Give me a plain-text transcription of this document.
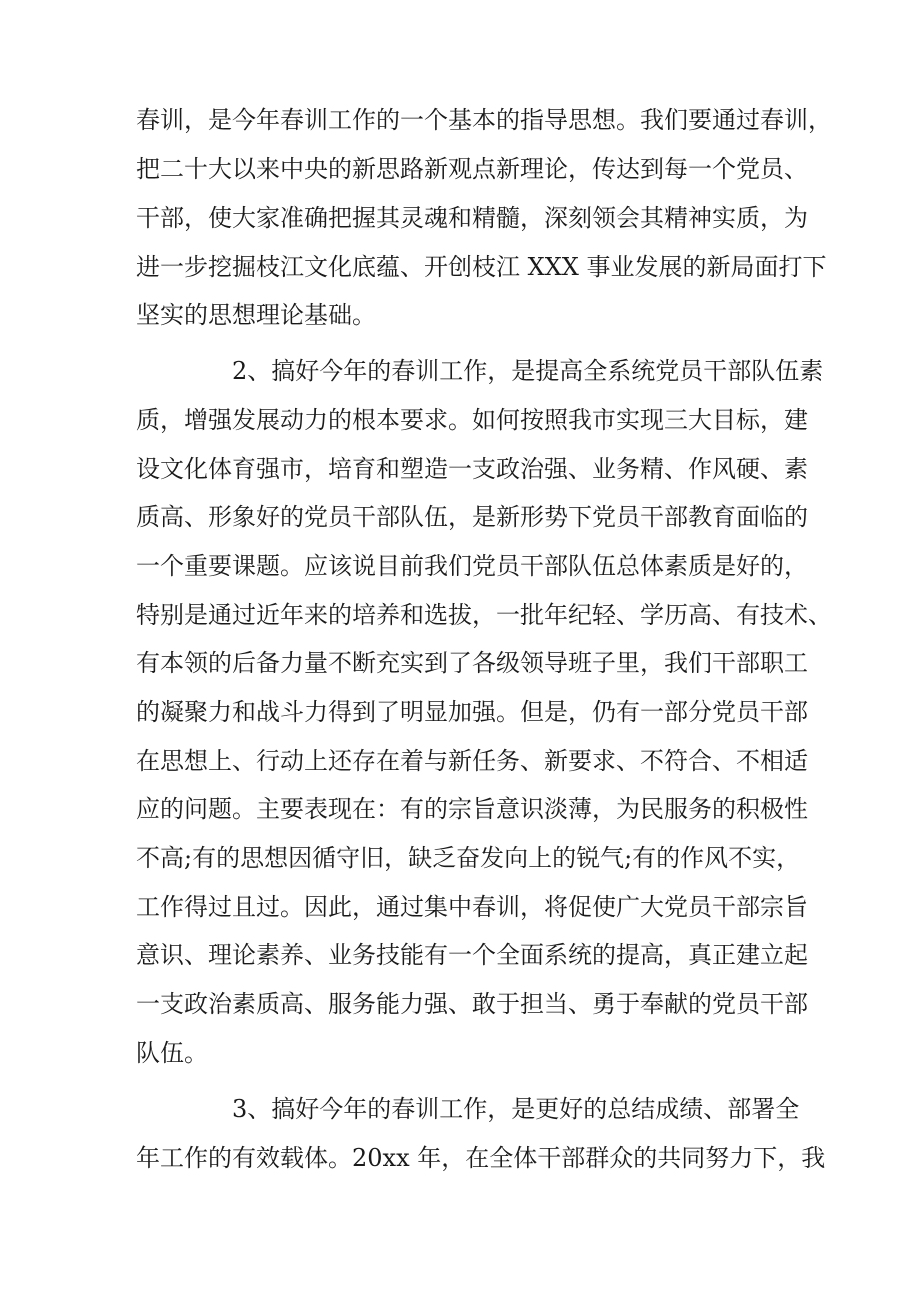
春训，是今年春训工作的一个基本的指导思想。我们要通过春训，
把二十大以来中央的新思路新观点新理论，传达到每一个党员、
干部，使大家准确把握其灵魂和精髓，深刻领会其精神实质，为
进一步挖掘枝江文化底蕴、开创枝江 XXX 事业发展的新局面打下
坚实的思想理论基础。
2、搞好今年的春训工作，是提高全系统党员干部队伍素
质，增强发展动力的根本要求。如何按照我市实现三大目标，建
设文化体育强市，培育和塑造一支政治强、业务精、作风硬、素
质高、形象好的党员干部队伍，是新形势下党员干部教育面临的
一个重要课题。应该说目前我们党员干部队伍总体素质是好的，
特别是通过近年来的培养和选拔，一批年纪轻、学历高、有技术、
有本领的后备力量不断充实到了各级领导班子里，我们干部职工
的凝聚力和战斗力得到了明显加强。但是，仍有一部分党员干部
在思想上、行动上还存在着与新任务、新要求、不符合、不相适
应的问题。主要表现在：有的宗旨意识淡薄，为民服务的积极性
不高;有的思想因循守旧，缺乏奋发向上的锐气;有的作风不实，
工作得过且过。因此，通过集中春训，将促使广大党员干部宗旨
意识、理论素养、业务技能有一个全面系统的提高，真正建立起
一支政治素质高、服务能力强、敢于担当、勇于奉献的党员干部
队伍。
3、搞好今年的春训工作，是更好的总结成绩、部署全
年工作的有效载体。20xx 年，在全体干部群众的共同努力下，我
